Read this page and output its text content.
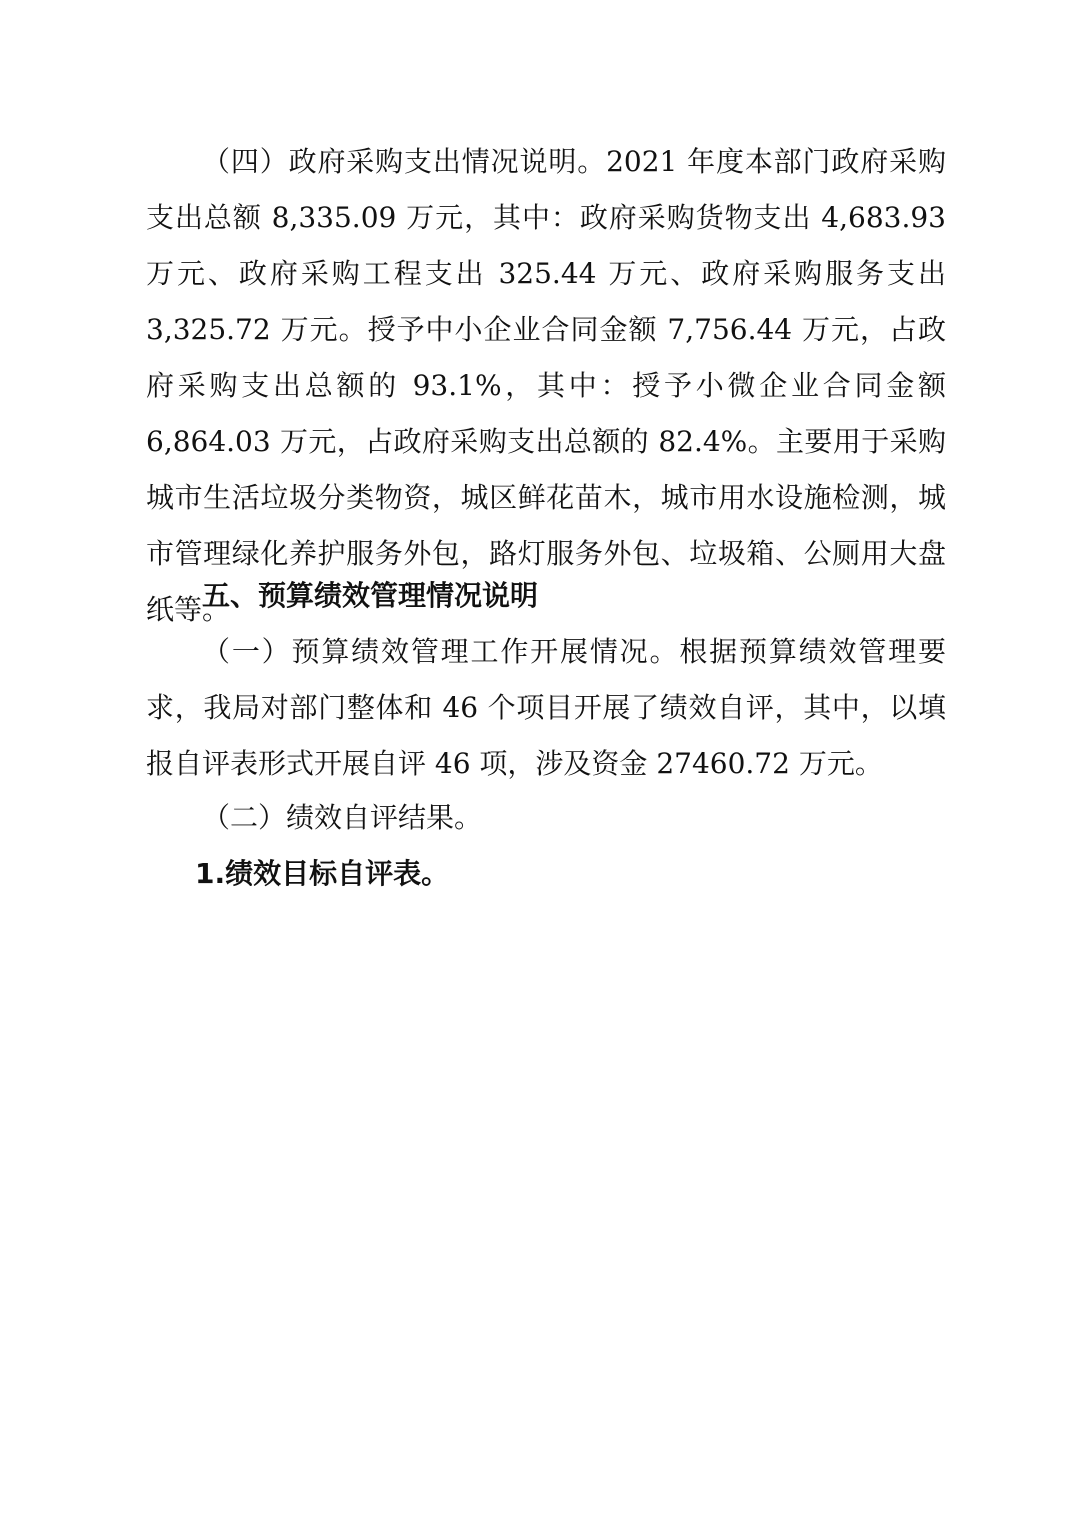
（四）政府采购支出情况说明。2021 年度本部门政府采购支出总额 8,335.09 万元，其中：政府采购货物支出 4,683.93 万元、政府采购工程支出 325.44 万元、政府采购服务支出 3,325.72 万元。授予中小企业合同金额 7,756.44 万元，占政府采购支出总额的 93.1%，其中：授予小微企业合同金额 6,864.03 万元，占政府采购支出总额的 82.4%。主要用于采购城市生活垃圾分类物资，城区鲜花苗木，城市用水设施检测，城市管理绿化养护服务外包，路灯服务外包、垃圾箱、公厕用大盘纸等。

五、预算绩效管理情况说明

（一）预算绩效管理工作开展情况。根据预算绩效管理要求，我局对部门整体和 46 个项目开展了绩效自评，其中，以填报自评表形式开展自评 46 项，涉及资金 27460.72 万元。

（二）绩效自评结果。

1.绩效目标自评表。
